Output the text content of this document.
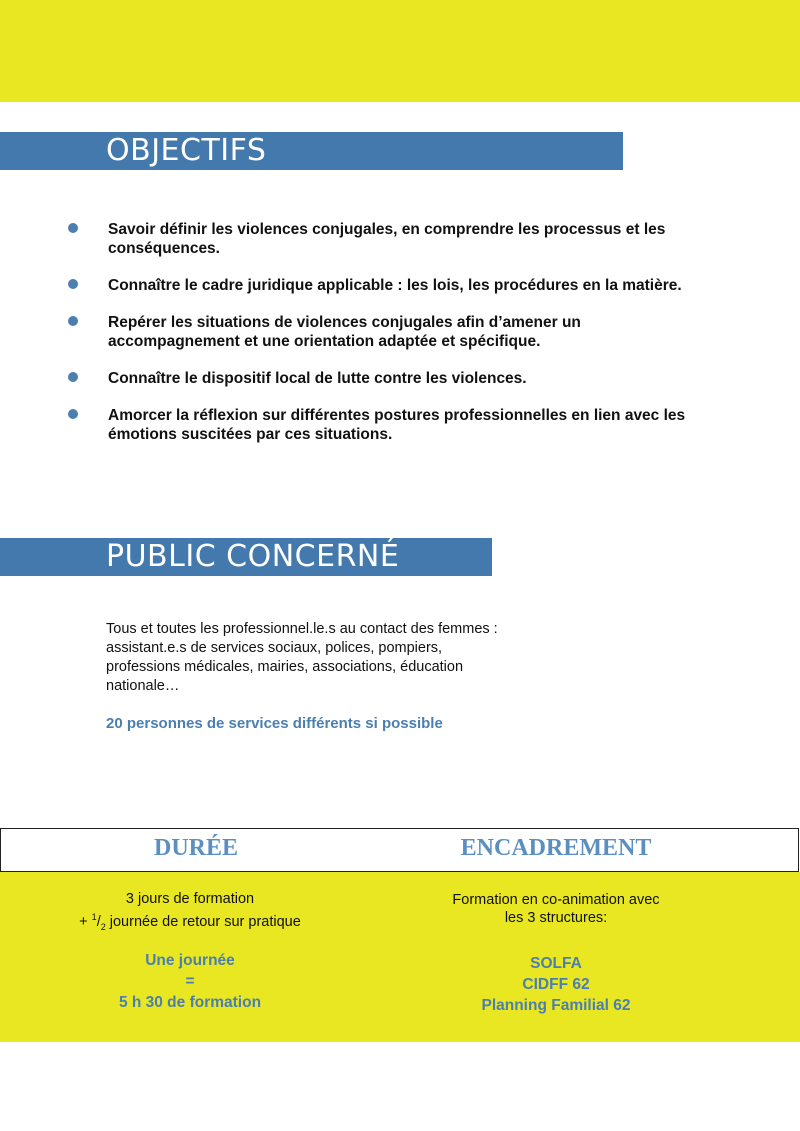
OBJECTIFS
Savoir définir les violences conjugales, en comprendre les processus et les conséquences.
Connaître le cadre juridique applicable : les lois, les procédures en la matière.
Repérer les situations de violences conjugales afin d’amener un accompagnement et une orientation adaptée et spécifique.
Connaître le dispositif local de lutte contre les violences.
Amorcer la réflexion sur différentes postures professionnelles en lien avec les émotions suscitées par ces situations.
PUBLIC CONCERNÉ
Tous et toutes les professionnel.le.s au contact des femmes : assistant.e.s de services sociaux, polices, pompiers, professions médicales, mairies, associations, éducation nationale…
20 personnes de services différents si possible
DURÉE	ENCADREMENT
3 jours de formation
+ $^1/_2$ journée de retour sur pratique
Une journée
=
5 h 30 de formation
Formation en co-animation avec
les 3 structures:
SOLFA
CIDFF 62
Planning Familial 62
